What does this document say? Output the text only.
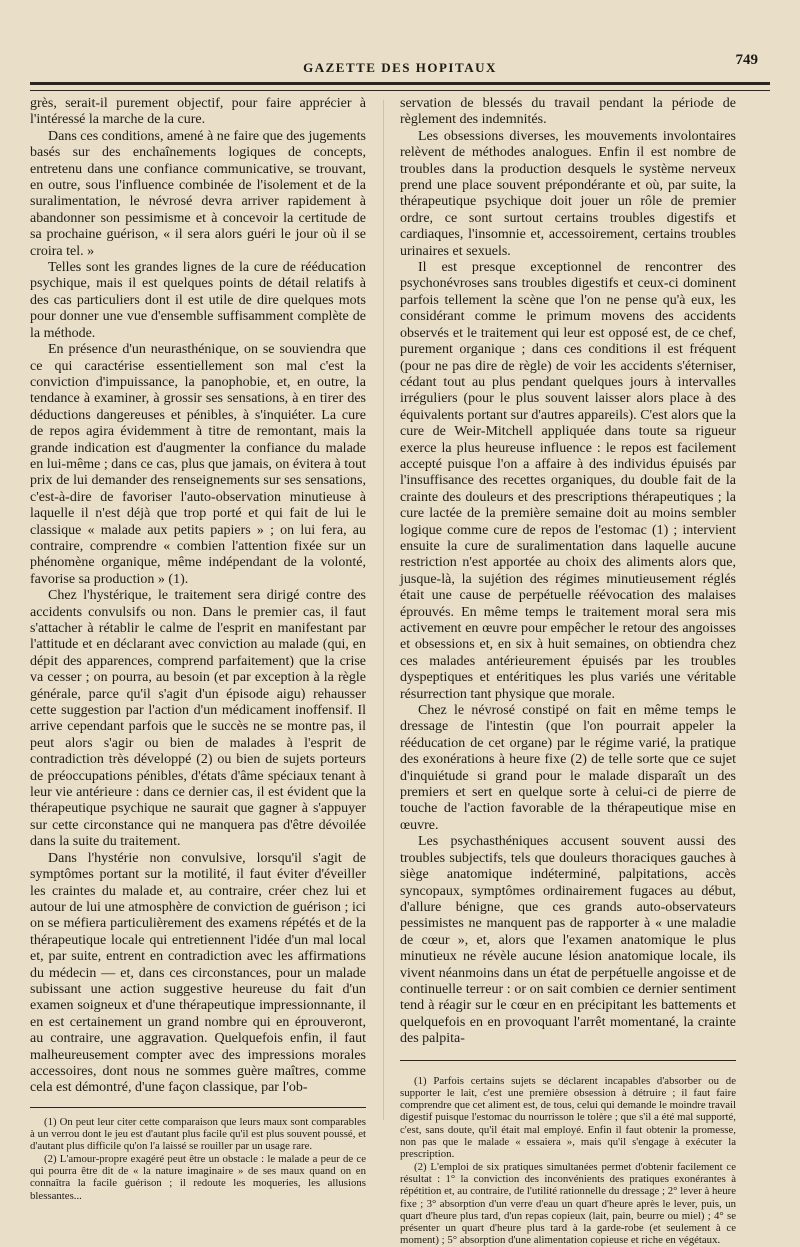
GAZETTE DES HOPITAUX	749

grès, serait-il purement objectif, pour faire apprécier à l'intéressé la marche de la cure.

Dans ces conditions, amené à ne faire que des jugements basés sur des enchaînements logiques de concepts, entretenu dans une confiance communicative, se trouvant, en outre, sous l'influence combinée de l'isolement et de la suralimentation, le névrosé devra arriver rapidement à abandonner son pessimisme et à concevoir la certitude de sa prochaine guérison, « il sera alors guéri le jour où il se croira tel. »

Telles sont les grandes lignes de la cure de rééducation psychique, mais il est quelques points de détail relatifs à des cas particuliers dont il est utile de dire quelques mots pour donner une vue d'ensemble suffisamment complète de la méthode.

En présence d'un neurasthénique, on se souviendra que ce qui caractérise essentiellement son mal c'est la conviction d'impuissance, la panophobie, et, en outre, la tendance à examiner, à grossir ses sensations, à en tirer des déductions dangereuses et pénibles, à s'inquiéter. La cure de repos agira évidemment à titre de remontant, mais la grande indication est d'augmenter la confiance du malade en lui-même ; dans ce cas, plus que jamais, on évitera à tout prix de lui demander des renseignements sur ses sensations, c'est-à-dire de favoriser l'auto-observation minutieuse à laquelle il n'est déjà que trop porté et qui fait de lui le classique « malade aux petits papiers » ; on lui fera, au contraire, comprendre « combien l'attention fixée sur un phénomène organique, même indépendant de la volonté, favorise sa production » (1).

Chez l'hystérique, le traitement sera dirigé contre des accidents convulsifs ou non. Dans le premier cas, il faut s'attacher à rétablir le calme de l'esprit en manifestant par l'attitude et en déclarant avec conviction au malade (qui, en dépit des apparences, comprend parfaitement) que la crise va cesser ; on pourra, au besoin (et par exception à la règle générale, parce qu'il s'agit d'un épisode aigu) rehausser cette suggestion par l'action d'un médicament inoffensif. Il arrive cependant parfois que le succès ne se montre pas, il peut alors s'agir ou bien de malades à l'esprit de contradiction très développé (2) ou bien de sujets porteurs de préoccupations pénibles, d'états d'âme spéciaux tenant à leur vie antérieure : dans ce dernier cas, il est évident que la thérapeutique psychique ne saurait que gagner à s'appuyer sur cette circonstance qui ne manquera pas d'être dévoilée dans la suite du traitement.

Dans l'hystérie non convulsive, lorsqu'il s'agit de symptômes portant sur la motilité, il faut éviter d'éveiller les craintes du malade et, au contraire, créer chez lui et autour de lui une atmosphère de conviction de guérison ; ici on se méfiera particulièrement des examens répétés et de la thérapeutique locale qui entretiennent l'idée d'un mal local et, par suite, entrent en contradiction avec les affirmations du médecin — et, dans ces circonstances, pour un malade subissant une action suggestive heureuse du fait d'un examen soigneux et d'une thérapeutique impressionnante, il en est certainement un grand nombre qui en éprouveront, au contraire, une aggravation. Quelquefois enfin, il faut malheureusement compter avec des impressions morales accessoires, dont nous ne sommes guère maîtres, comme cela est démontré, d'une façon classique, par l'ob-

(1) On peut leur citer cette comparaison que leurs maux sont comparables à un verrou dont le jeu est d'autant plus facile qu'il est plus souvent poussé, et d'autant plus difficile qu'on l'a laissé se rouiller par un usage rare.

(2) L'amour-propre exagéré peut être un obstacle : le malade a peur de ce qui pourra être dit de « la nature imaginaire » de ses maux quand on en connaîtra la facile guérison ; il redoute les moqueries, les allusions blessantes...

servation de blessés du travail pendant la période de règlement des indemnités.

Les obsessions diverses, les mouvements involontaires relèvent de méthodes analogues. Enfin il est nombre de troubles dans la production desquels le système nerveux prend une place souvent prépondérante et où, par suite, la thérapeutique psychique doit jouer un rôle de premier ordre, ce sont surtout certains troubles digestifs et cardiaques, l'insomnie et, accessoirement, certains troubles urinaires et sexuels.

Il est presque exceptionnel de rencontrer des psychonévroses sans troubles digestifs et ceux-ci dominent parfois tellement la scène que l'on ne pense qu'à eux, les considérant comme le primum movens des accidents observés et le traitement qui leur est opposé est, de ce chef, purement organique ; dans ces conditions il est fréquent (pour ne pas dire de règle) de voir les accidents s'éterniser, cédant tout au plus pendant quelques jours à intervalles irréguliers (pour le plus souvent laisser alors place à des équivalents portant sur d'autres appareils). C'est alors que la cure de Weir-Mitchell appliquée dans toute sa rigueur exerce la plus heureuse influence : le repos est facilement accepté puisque l'on a affaire à des individus épuisés par l'insuffisance des recettes organiques, du double fait de la crainte des douleurs et des prescriptions thérapeutiques ; la cure lactée de la première semaine doit au moins sembler logique comme cure de repos de l'estomac (1) ; intervient ensuite la cure de suralimentation dans laquelle aucune restriction n'est apportée au choix des aliments alors que, jusque-là, la sujétion des régimes minutieusement réglés était une cause de perpétuelle réévocation des malaises éprouvés. En même temps le traitement moral sera mis activement en œuvre pour empêcher le retour des angoisses et obsessions et, en six à huit semaines, on obtiendra chez ces malades antérieurement épuisés par les troubles dyspeptiques et entéritiques les plus variés une véritable résurrection tant physique que morale.

Chez le névrosé constipé on fait en même temps le dressage de l'intestin (que l'on pourrait appeler la rééducation de cet organe) par le régime varié, la pratique des exonérations à heure fixe (2) de telle sorte que ce sujet d'inquiétude si grand pour le malade disparaît un des premiers et sert en quelque sorte à celui-ci de pierre de touche de l'action favorable de la thérapeutique mise en œuvre.

Les psychasthéniques accusent souvent aussi des troubles subjectifs, tels que douleurs thoraciques gauches à siège anatomique indéterminé, palpitations, accès syncopaux, symptômes ordinairement fugaces au début, d'allure bénigne, que ces grands auto-observateurs pessimistes ne manquent pas de rapporter à « une maladie de cœur », et, alors que l'examen anatomique le plus minutieux ne révèle aucune lésion anatomique locale, ils vivent néanmoins dans un état de perpétuelle angoisse et de continuelle terreur : or on sait combien ce dernier sentiment tend à réagir sur le cœur en en précipitant les battements et quelquefois en en provoquant l'arrêt momentané, la crainte des palpita-

(1) Parfois certains sujets se déclarent incapables d'absorber ou de supporter le lait, c'est une première obsession à détruire ; il faut faire comprendre que cet aliment est, de tous, celui qui demande le moindre travail digestif puisque l'estomac du nourrisson le tolère ; que s'il a été mal supporté, c'est, sans doute, qu'il était mal employé. Enfin il faut obtenir la promesse, non pas que le malade « essaiera », mais qu'il s'engage à exécuter la prescription.

(2) L'emploi de six pratiques simultanées permet d'obtenir facilement ce résultat : 1° la conviction des inconvénients des pratiques exonérantes à répétition et, au contraire, de l'utilité rationnelle du dressage ; 2° lever à heure fixe ; 3° absorption d'un verre d'eau un quart d'heure après le lever, puis, un quart d'heure plus tard, d'un repas copieux (lait, pain, beurre ou miel) ; 4° se présenter un quart d'heure plus tard à la garde-robe (et seulement à ce moment) ; 5° absorption d'une alimentation copieuse et riche en végétaux.
